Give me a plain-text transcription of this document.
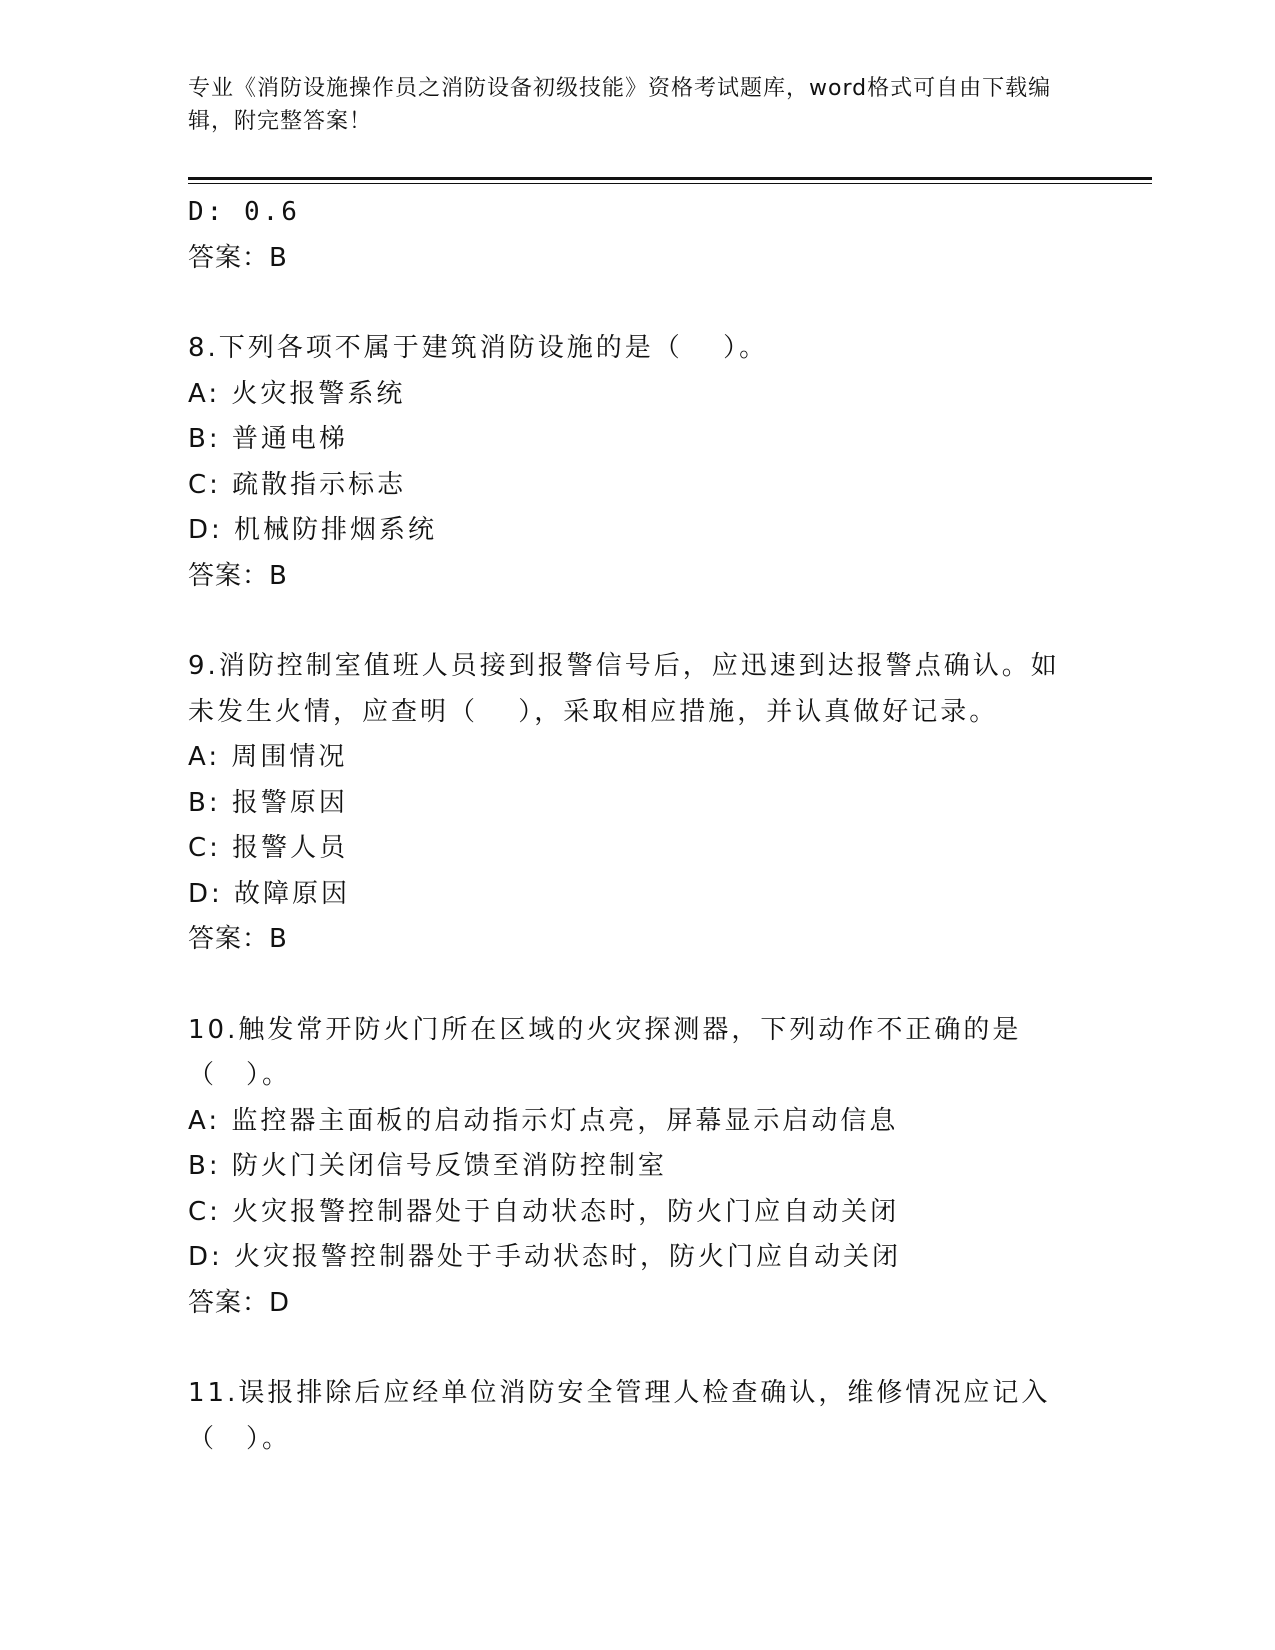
专业《消防设施操作员之消防设备初级技能》资格考试题库，word格式可自由下载编辑，附完整答案！
D: 0.6
答案：B
8.下列各项不属于建筑消防设施的是（　 ）。
A: 火灾报警系统
B: 普通电梯
C: 疏散指示标志
D: 机械防排烟系统
答案：B
9.消防控制室值班人员接到报警信号后，应迅速到达报警点确认。如未发生火情，应查明（　 ），采取相应措施，并认真做好记录。
A: 周围情况
B: 报警原因
C: 报警人员
D: 故障原因
答案：B
10.触发常开防火门所在区域的火灾探测器，下列动作不正确的是（　）。
A: 监控器主面板的启动指示灯点亮，屏幕显示启动信息
B: 防火门关闭信号反馈至消防控制室
C: 火灾报警控制器处于自动状态时，防火门应自动关闭
D: 火灾报警控制器处于手动状态时，防火门应自动关闭
答案：D
11.误报排除后应经单位消防安全管理人检查确认，维修情况应记入（　）。
